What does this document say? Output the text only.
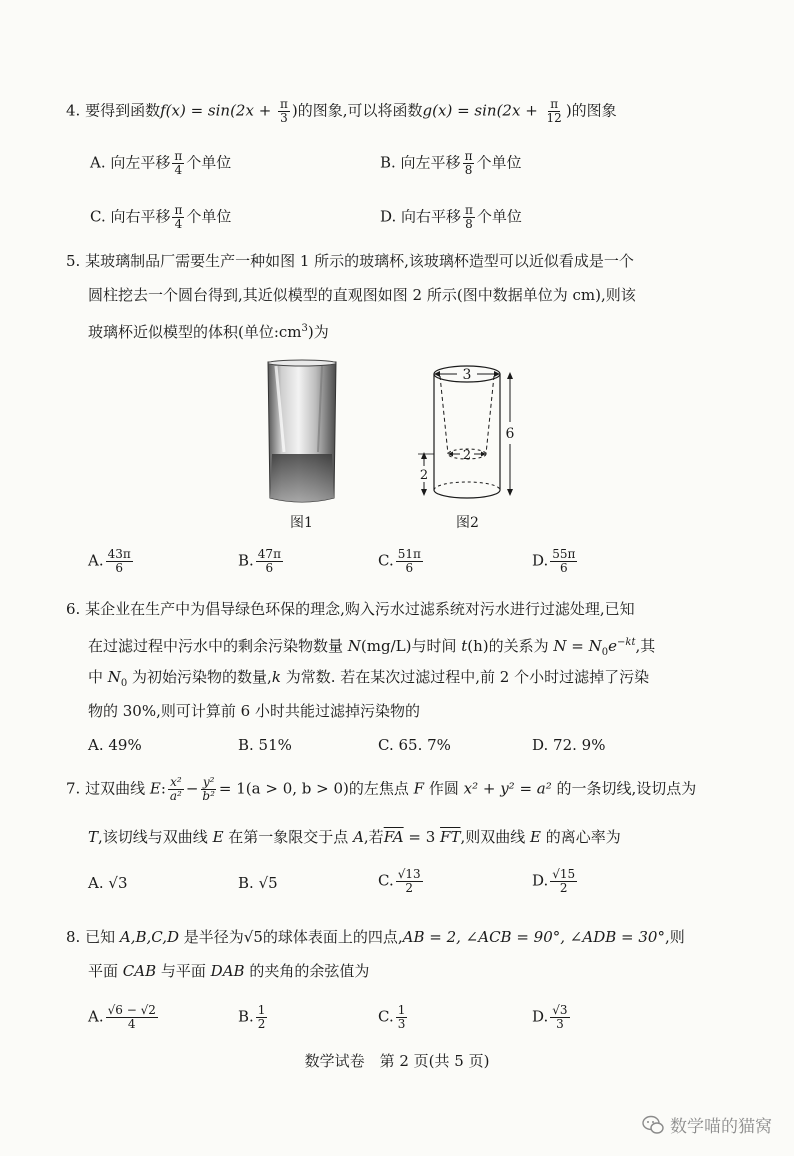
4. 要得到函数$f(x) = \sin(2x + \frac{\pi}{3}$ )的图象,可以将函数$g(x) = \sin(2x + \frac{\pi}{12}$ )的图象
A. 向左平移 $\frac{\pi}{4}$ 个单位	B. 向左平移 $\frac{\pi}{8}$ 个单位
C. 向右平移 $\frac{\pi}{4}$ 个单位	D. 向右平移 $\frac{\pi}{8}$ 个单位
5. 某玻璃制品厂需要生产一种如图 1 所示的玻璃杯,该玻璃杯造型可以近似看成是一个
圆柱挖去一个圆台得到,其近似模型的直观图如图 2 所示(图中数据单位为 cm),则该
玻璃杯近似模型的体积(单位$:cm^3$)为
图1
3
2
6
2
图2
A. $\frac{43\pi}{6}$	B. $\frac{47\pi}{6}$	C. $\frac{51\pi}{6}$	D. $\frac{55\pi}{6}$
6. 某企业在生产中为倡导绿色环保的理念,购入污水过滤系统对污水进行过滤处理,已知
在过滤过程中污水中的剩余污染物数量 N(mg/L)与时间 t(h)的关系为 $N = N_0e^{-kt}$,其
中 $N_0$ 为初始污染物的数量,k 为常数. 若在某次过滤过程中,前 2 个小时过滤掉了污染
物的 30%,则可计算前 6 小时共能过滤掉污染物的
A. 49%	B. 51%	C. 65. 7%	D. 72. 9%
7. 过双曲线 E: $\frac{\text{x²}}{\text{a²}} - \frac{\text{y²}}{\text{b²}} = 1(a > 0$, b > 0)的左焦点 F 作圆 x² + y² = a² 的一条切线,设切点为
T,该切线与双曲线 E 在第一象限交于点 A,若$\overline{FA} = 3$ $\overline{FT}$,则双曲线 E 的离心率为
A. √3	B. √5	C. $\frac{√13}{2}$	D. $\frac{√15}{2}$
8. 已知 A,B,C,D 是半径为√5的球体表面上的四点,AB = 2, ∠ACB = 90°, ∠ADB = 30°,则
平面 CAB 与平面 DAB 的夹角的余弦值为
A. $\frac{√6 - √2}{4}$	B. $\frac{1}{2}$	C. $\frac{1}{3}$	D. $\frac{√3}{3}$
数学试卷　第 2 页(共 5 页)
数学喵的猫窝
